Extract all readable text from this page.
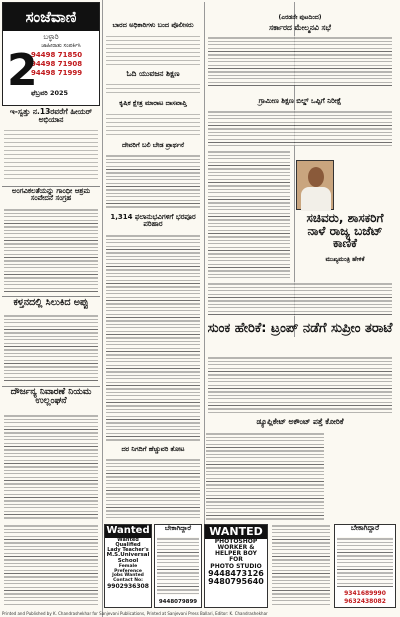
ಸಂಜೆವಾಣಿ
ಬಳ್ಳಾರಿ
ಜಾಹೀರಾತು ಸಂಪರ್ಕಿಸಿ
94498 71850
94498 71908
94498 71999
2
ಫೆಬ್ರವರಿ 2025
ಇ-ಸ್ವತ್ತು ನ.13ರವರೆಗೆ ಹೀಯರ್ ಅಭಿಯಾನ
ಅಂಗವಿಕಲತೆಯನ್ನು ಗಾಂಧೀ ಆಶ್ರಮ ಸಂವೇದನೆ ಸಂಗ್ರಹ
ಕಳ್ತನದಲ್ಲಿ ಸಿಲುಕಿದ ಅಪ್ಪು
ದೌರ್ಜನ್ಯ ನಿವಾರಣೆ ನಿಯಮ ಉಲ್ಲಂಘನೆ
ಬಾರದ ಅಧಿಕಾರಿಗಳು ಬಂದ ಪೊಲೀಸರು
ಓದಿ ಯುವಜನ ಶಿಕ್ಷಣ
ಕೃಷಿಕ ಕ್ಷೇತ್ರ ಮಾರಾಟ ದಾಸವಾಪ್ತಿ
ದೇವರಿಗೆ ಬಲಿ ಬೇಡ ಪ್ರಾರ್ಥನೆ
1,314 ಫಲಾನುಭವಿಗಳಿಗೆ ಭರಪೂರ ಪರಿಹಾರ
ದರ ನಿಗದಿಗೆ ಹೆಚ್ಚುವರಿ ತೋಟ
(ಎರಡನೇ ಪುಟದಿಂದ)
ಸರ್ಕಾರದ ಮೇಲ್ಮನವಿ ಸಭೆ
ಗ್ರಾಮೀಣ ಶಿಕ್ಷಣ ಬಿಲ್ಡ್ ಒಪ್ಪಿಗೆ ನಿರೀಕ್ಷೆ
ಸಚಿವರು, ಶಾಸಕರಿಗೆ ನಾಳೆ ರಾಜ್ಯ ಬಜೆಟ್ ಕಾಣಿಕೆ
ಮುಖ್ಯಮಂತ್ರಿ ಹೇಳಿಕೆ
ಸುಂಕ ಹೇರಿಕೆ: ಟ್ರಂಪ್ ನಡೆಗೆ ಸುಪ್ರೀಂ ತರಾಟೆ
ಡ್ಯೂಪ್ಲಿಕೇಟ್ ಅಕೌಂಟ್ ಪತ್ತೆ ಕೋರಿಕೆ
Wanted
Wanted Qualified
Lady Teacher's
M.S.Universal
School
Female Preference
Jobs Wanted
Contact No:
9902936308
ಬೇಕಾಗಿದ್ದಾರೆ
9448079899
WANTED
PHOTOSHOP
WORKER &
HELPER BOY
FOR
PHOTO STUDIO
9448473126
9480795640
ಬೇಕಾಗಿದ್ದಾರೆ
9341689990
9632438082
Printed and Published by K. Chandrashekhar for Sanjevani Publications, Printed at Sanjevani Press Ballari, Editor: K. Chandrashekhar
